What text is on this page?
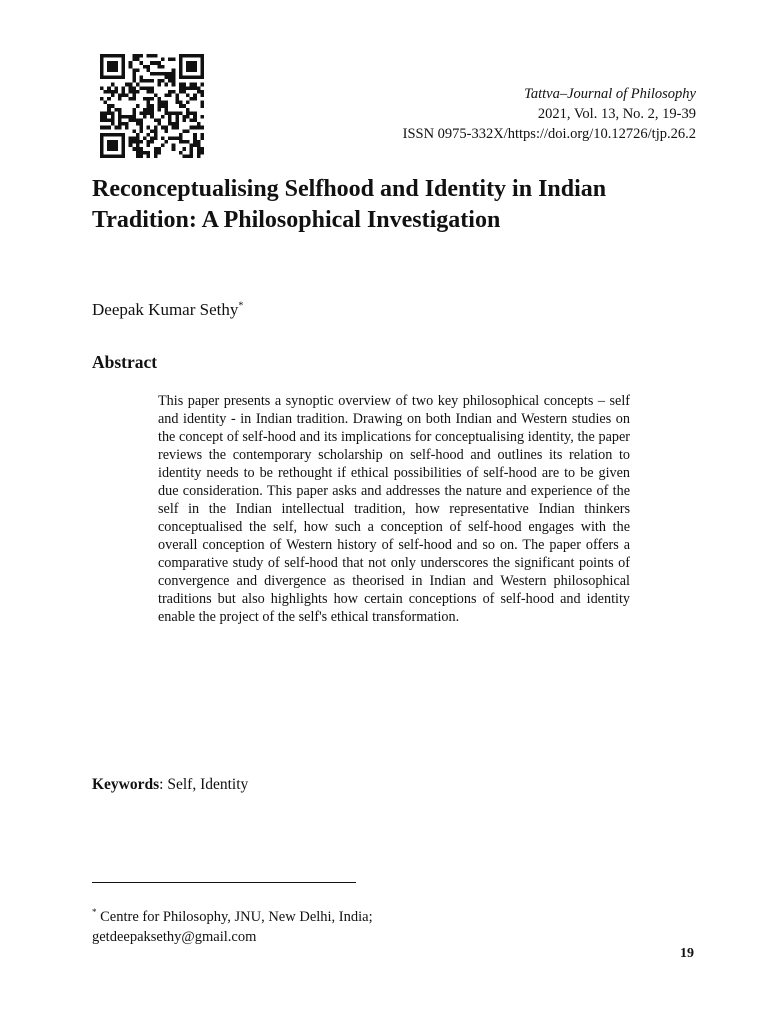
Tattva–Journal of Philosophy
2021, Vol. 13, No. 2, 19-39
ISSN 0975-332X/https://doi.org/10.12726/tjp.26.2
Reconceptualising Selfhood and Identity in Indian Tradition: A Philosophical Investigation
Deepak Kumar Sethy*
Abstract

This paper presents a synoptic overview of two key philosophical concepts – self and identity - in Indian tradition. Drawing on both Indian and Western studies on the concept of self-hood and its implications for conceptualising identity, the paper reviews the contemporary scholarship on self-hood and outlines its relation to identity needs to be rethought if ethical possibilities of self-hood are to be given due consideration. This paper asks and addresses the nature and experience of the self in the Indian intellectual tradition, how representative Indian thinkers conceptualised the self, how such a conception of self-hood engages with the overall conception of Western history of self-hood and so on. The paper offers a comparative study of self-hood that not only underscores the significant points of convergence and divergence as theorised in Indian and Western philosophical traditions but also highlights how certain conceptions of self-hood and identity enable the project of the self's ethical transformation.

Keywords: Self, Identity
* Centre for Philosophy, JNU, New Delhi, India;
getdeepaksethy@gmail.com
19
